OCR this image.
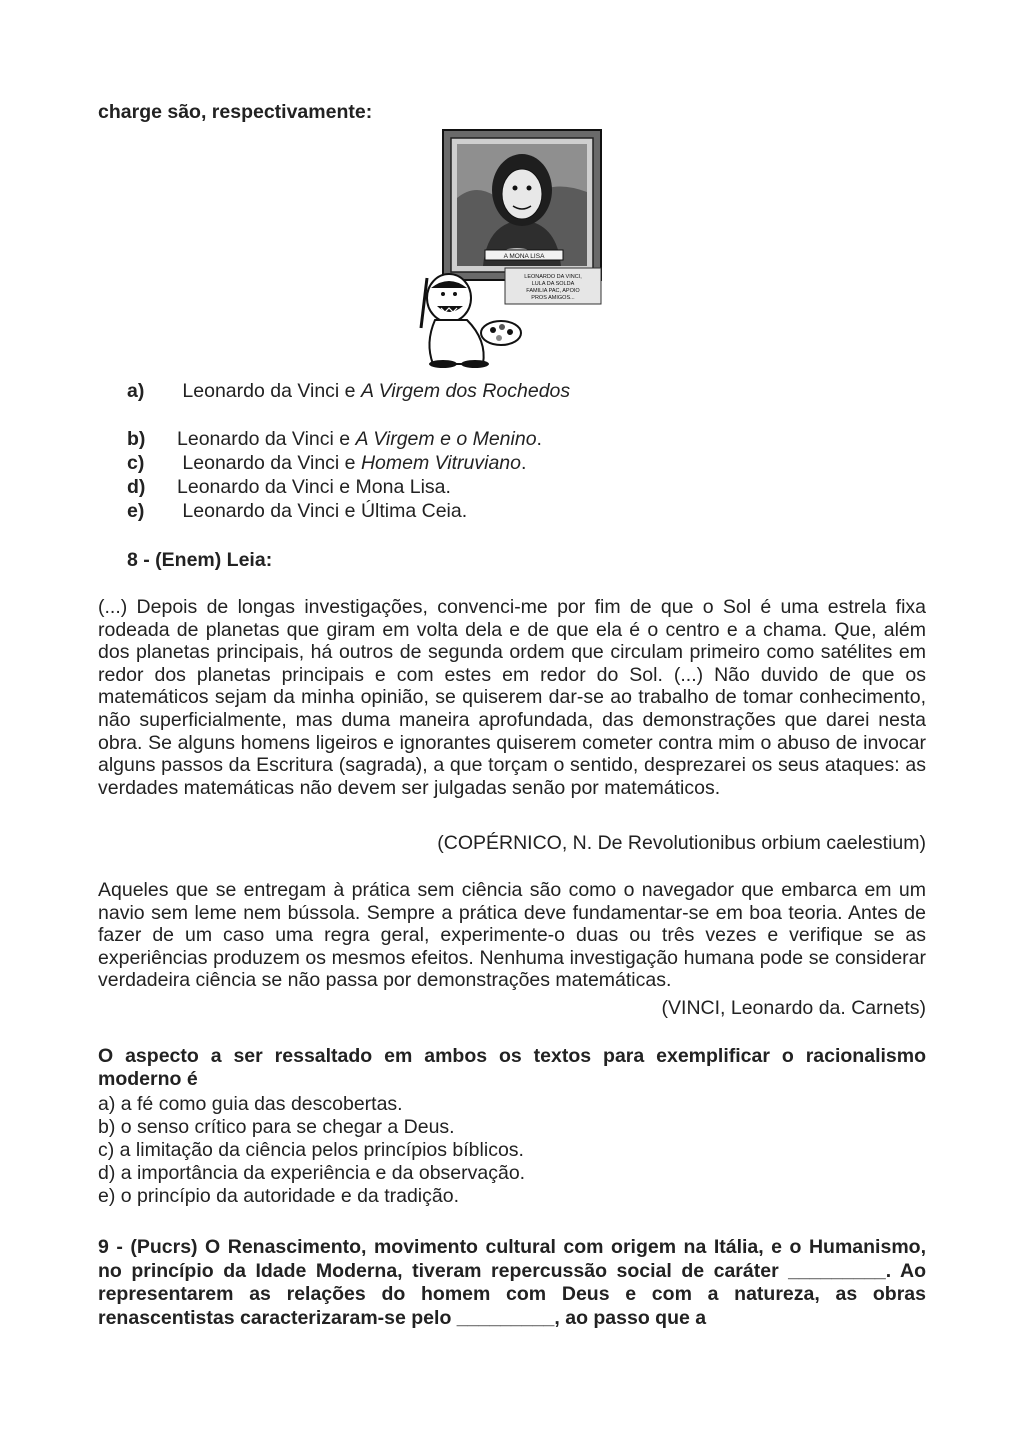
charge são, respectivamente:
A MONA LISA
LEONARDO DA VINCI,
LULA DA SOLDA
FAMILIA PAC, APOIO
PROS AMIGOS...
a) Leonardo da Vinci e A Virgem dos Rochedos
b) Leonardo da Vinci e A Virgem e o Menino.
c) Leonardo da Vinci e Homem Vitruviano.
d) Leonardo da Vinci e Mona Lisa.
e) Leonardo da Vinci e Última Ceia.
8 - (Enem) Leia:
(...) Depois de longas investigações, convenci-me por fim de que o Sol é uma estrela fixa rodeada de planetas que giram em volta dela e de que ela é o centro e a chama. Que, além dos planetas principais, há outros de segunda ordem que circulam primeiro como satélites em redor dos planetas principais e com estes em redor do Sol. (...) Não duvido de que os matemáticos sejam da minha opinião, se quiserem dar-se ao trabalho de tomar conhecimento, não superficialmente, mas duma maneira aprofundada, das demonstrações que darei nesta obra. Se alguns homens ligeiros e ignorantes quiserem cometer contra mim o abuso de invocar alguns passos da Escritura (sagrada), a que torçam o sentido, desprezarei os seus ataques: as verdades matemáticas não devem ser julgadas senão por matemáticos.
(COPÉRNICO, N. De Revolutionibus orbium caelestium)
Aqueles que se entregam à prática sem ciência são como o navegador que embarca em um navio sem leme nem bússola. Sempre a prática deve fundamentar-se em boa teoria. Antes de fazer de um caso uma regra geral, experimente-o duas ou três vezes e verifique se as experiências produzem os mesmos efeitos. Nenhuma investigação humana pode se considerar verdadeira ciência se não passa por demonstrações matemáticas.
(VINCI, Leonardo da. Carnets)
O aspecto a ser ressaltado em ambos os textos para exemplificar o racionalismo moderno é
a) a fé como guia das descobertas.
b) o senso crítico para se chegar a Deus.
c) a limitação da ciência pelos princípios bíblicos.
d) a importância da experiência e da observação.
e) o princípio da autoridade e da tradição.
9 - (Pucrs) O Renascimento, movimento cultural com origem na Itália, e o Humanismo, no princípio da Idade Moderna, tiveram repercussão social de caráter _________. Ao representarem as relações do homem com Deus e com a natureza, as obras renascentistas caracterizaram-se pelo _________, ao passo que a
